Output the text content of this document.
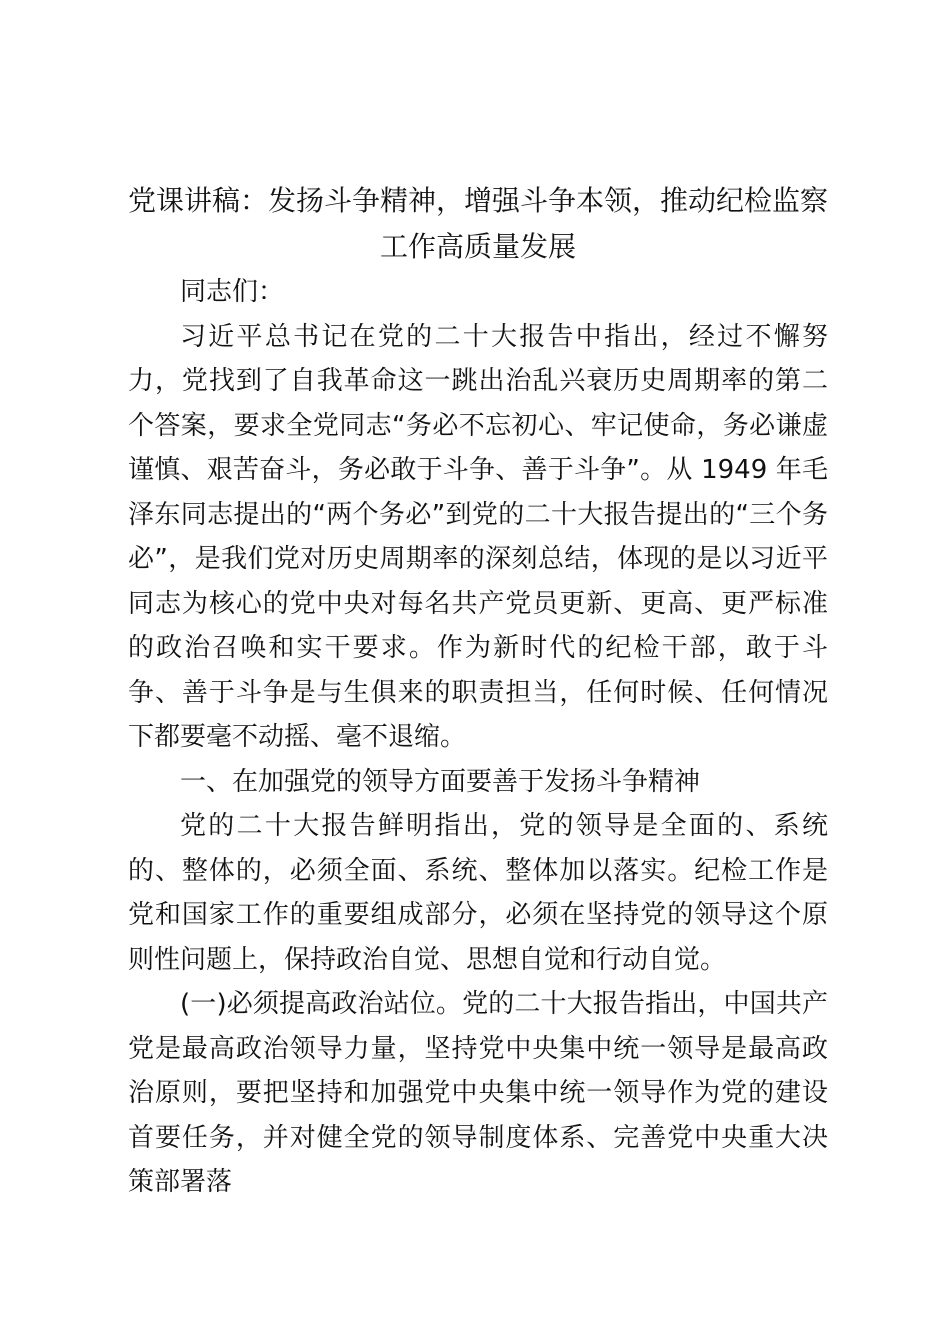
党课讲稿：发扬斗争精神，增强斗争本领，推动纪检监察工作高质量发展

同志们：

习近平总书记在党的二十大报告中指出，经过不懈努力，党找到了自我革命这一跳出治乱兴衰历史周期率的第二个答案，要求全党同志“务必不忘初心、牢记使命，务必谦虚谨慎、艰苦奋斗，务必敢于斗争、善于斗争”。从 1949 年毛泽东同志提出的“两个务必”到党的二十大报告提出的“三个务必”，是我们党对历史周期率的深刻总结，体现的是以习近平同志为核心的党中央对每名共产党员更新、更高、更严标准的政治召唤和实干要求。作为新时代的纪检干部，敢于斗争、善于斗争是与生俱来的职责担当，任何时候、任何情况下都要毫不动摇、毫不退缩。

一、在加强党的领导方面要善于发扬斗争精神

党的二十大报告鲜明指出，党的领导是全面的、系统的、整体的，必须全面、系统、整体加以落实。纪检工作是党和国家工作的重要组成部分，必须在坚持党的领导这个原则性问题上，保持政治自觉、思想自觉和行动自觉。

(一)必须提高政治站位。党的二十大报告指出，中国共产党是最高政治领导力量，坚持党中央集中统一领导是最高政治原则，要把坚持和加强党中央集中统一领导作为党的建设首要任务，并对健全党的领导制度体系、完善党中央重大决策部署落
